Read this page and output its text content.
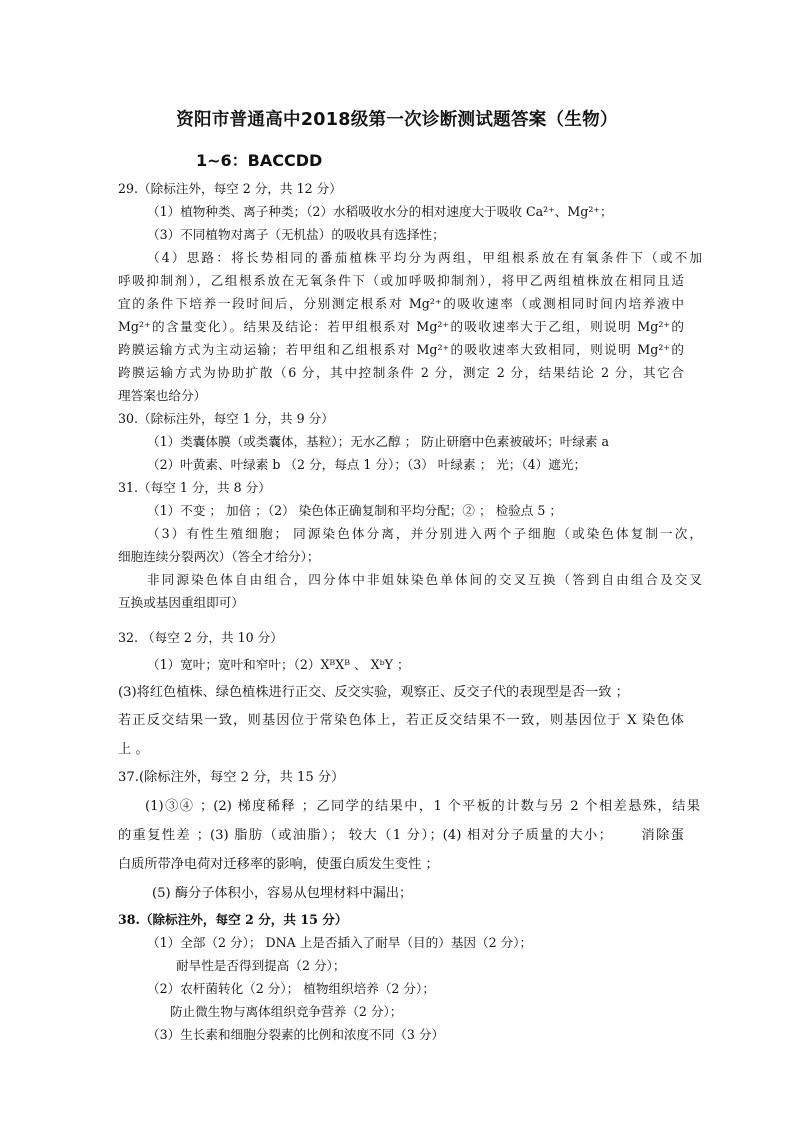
资阳市普通高中2018级第一次诊断测试题答案（生物）
1~6：BACCDD
29.（除标注外，每空 2 分，共 12 分）
（1）植物种类、离子种类；（2）水稻吸收水分的相对速度大于吸收 Ca²⁺、Mg²⁺；
（3）不同植物对离子（无机盐）的吸收具有选择性；
（4）思路：将长势相同的番茄植株平均分为两组，甲组根系放在有氧条件下（或不加
呼吸抑制剂），乙组根系放在无氧条件下（或加呼吸抑制剂），将甲乙两组植株放在相同且适
宜的条件下培养一段时间后，分别测定根系对 Mg²⁺的吸收速率（或测相同时间内培养液中
Mg²⁺的含量变化）。结果及结论：若甲组根系对 Mg²⁺的吸收速率大于乙组，则说明 Mg²⁺的
跨膜运输方式为主动运输；若甲组和乙组根系对 Mg²⁺的吸收速率大致相同，则说明 Mg²⁺的
跨膜运输方式为协助扩散（6 分，其中控制条件 2 分，测定 2 分，结果结论 2 分，其它合
理答案也给分）
30.（除标注外，每空 1 分，共 9 分）
（1）类囊体膜（或类囊体，基粒）；无水乙醇 ； 防止研磨中色素被破坏；叶绿素 a
（2）叶黄素、叶绿素 b （2 分，每点 1 分）；（3） 叶绿素 ； 光；（4）遮光；
31.（每空 1 分，共 8 分）
（1）不变 ； 加倍 ；（2） 染色体正确复制和平均分配；② ； 检验点 5 ；
（3）有性生殖细胞； 同源染色体分离，并分别进入两个子细胞（或染色体复制一次，
细胞连续分裂两次）（答全才给分）；
非同源染色体自由组合，四分体中非姐妹染色单体间的交叉互换（答到自由组合及交叉
互换或基因重组即可）
32. （每空 2 分，共 10 分）
（1）宽叶；宽叶和窄叶；（2）XᴮXᴮ 、 XᵇY ；
(3)将红色植株、绿色植株进行正交、反交实验，观察正、反交子代的表现型是否一致 ；
若正反交结果一致，则基因位于常染色体上，若正反交结果不一致，则基因位于 X 染色体
上 。
37.(除标注外，每空 2 分，共 15 分）
(1)③④ ；(2) 梯度稀释 ；乙同学的结果中，1 个平板的计数与另 2 个相差悬殊，结果
的重复性差 ；(3) 脂肪（或油脂）； 较大（1 分）；(4) 相对分子质量的大小；　　 消除蛋
白质所带净电荷对迁移率的影响，使蛋白质发生变性 ；
(5) 酶分子体积小，容易从包埋材料中漏出；
38.（除标注外，每空 2 分，共 15 分）
（1）全部（2 分）； DNA 上是否插入了耐旱（目的）基因（2 分）；
耐旱性是否得到提高（2 分）；
（2）农杆菌转化（2 分）； 植物组织培养（2 分）；
防止微生物与离体组织竞争营养（2 分）；
（3）生长素和细胞分裂素的比例和浓度不同（3 分）
